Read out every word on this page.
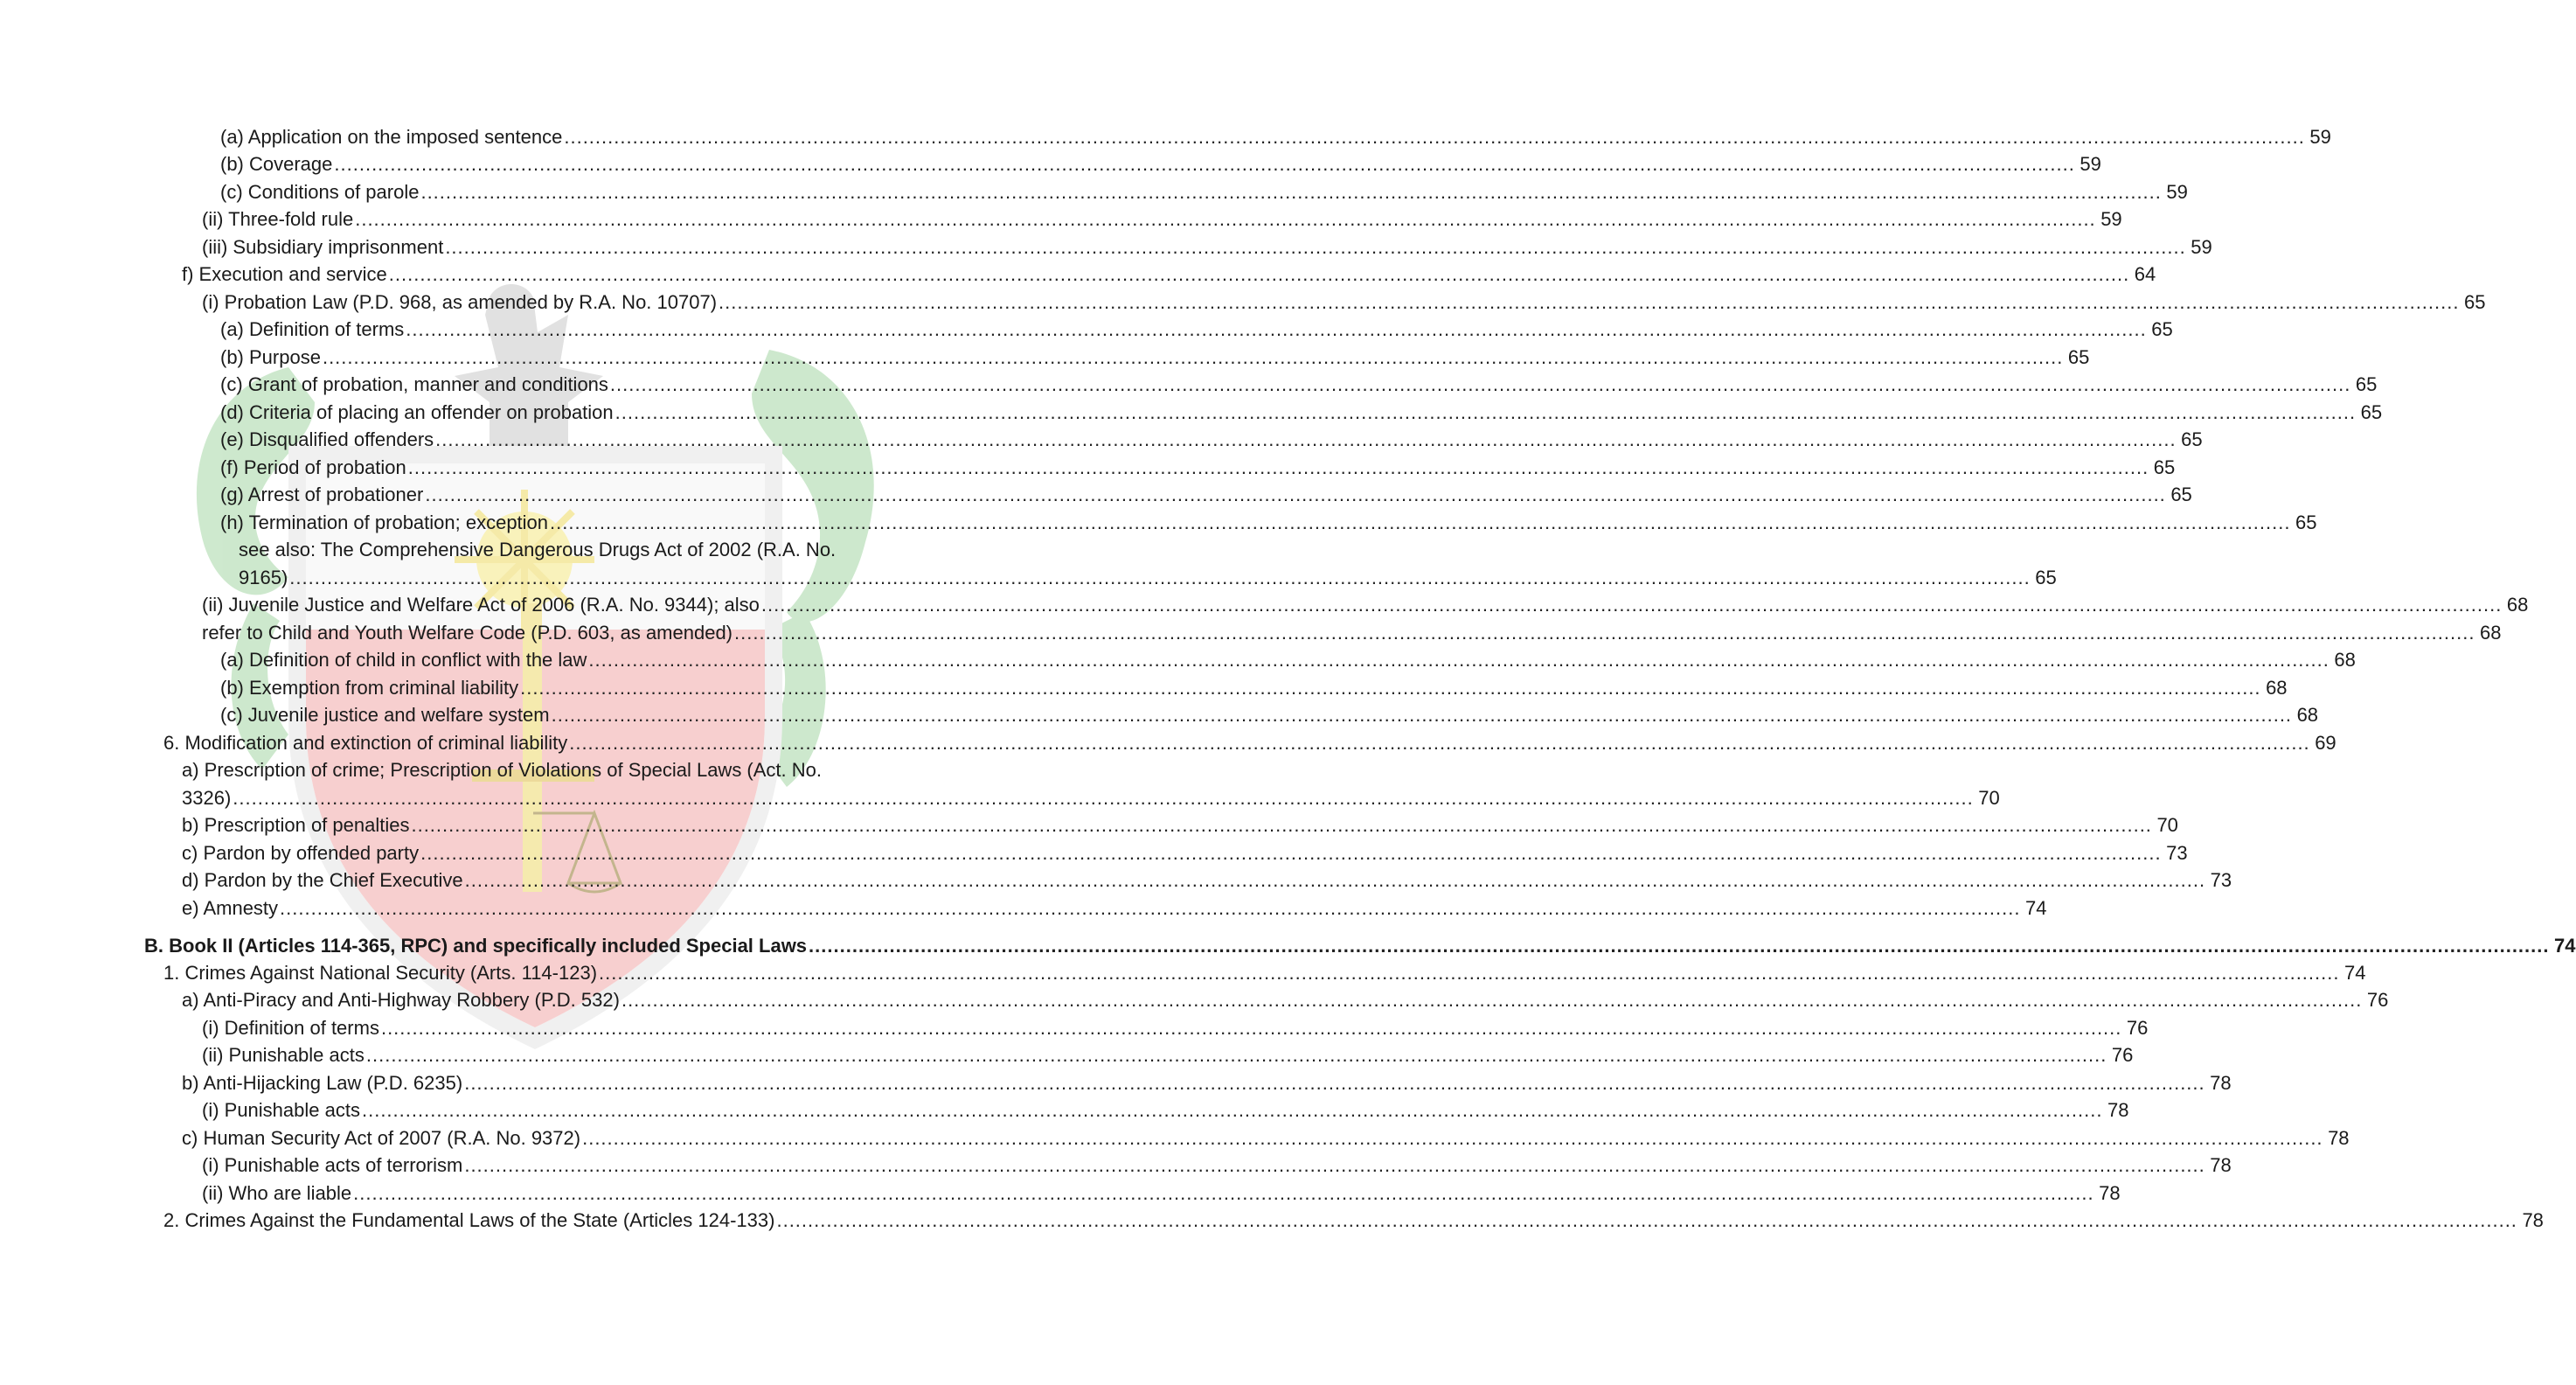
(a) Application on the imposed sentence .....	59
(b) Coverage .....	59
(c) Conditions of parole .....	59
(ii) Three-fold rule .....	59
(iii) Subsidiary imprisonment .....	59
f) Execution and service .....	64
(i) Probation Law (P.D. 968, as amended by R.A. No. 10707) .....	65
(a) Definition of terms .....	65
(b) Purpose .....	65
(c) Grant of probation, manner and conditions .....	65
(d) Criteria of placing an offender on probation .....	65
(e) Disqualified offenders .....	65
(f) Period of probation .....	65
(g) Arrest of probationer .....	65
(h) Termination of probation; exception .....	65
see also: The Comprehensive Dangerous Drugs Act of 2002 (R.A. No.
9165) .....	65
(ii) Juvenile Justice and Welfare Act of 2006 (R.A. No. 9344); also .....	68
refer to Child and Youth Welfare Code (P.D. 603, as amended) .....	68
(a) Definition of child in conflict with the law .....	68
(b) Exemption from criminal liability .....	68
(c) Juvenile justice and welfare system .....	68
6. Modification and extinction of criminal liability .....	69
a) Prescription of crime; Prescription of Violations of Special Laws (Act. No.
3326) .....	70
b) Prescription of penalties .....	70
c) Pardon by offended party .....	73
d) Pardon by the Chief Executive .....	73
e) Amnesty .....	74
B. Book II (Articles 114-365, RPC) and specifically included Special Laws .....	74
1. Crimes Against National Security (Arts. 114-123) .....	74
a) Anti-Piracy and Anti-Highway Robbery (P.D. 532) .....	76
(i) Definition of terms .....	76
(ii) Punishable acts .....	76
b) Anti-Hijacking Law (P.D. 6235) .....	78
(i) Punishable acts .....	78
c) Human Security Act of 2007 (R.A. No. 9372) .....	78
(i) Punishable acts of terrorism .....	78
(ii) Who are liable .....	78
2. Crimes Against the Fundamental Laws of the State (Articles 124-133) .....	78
